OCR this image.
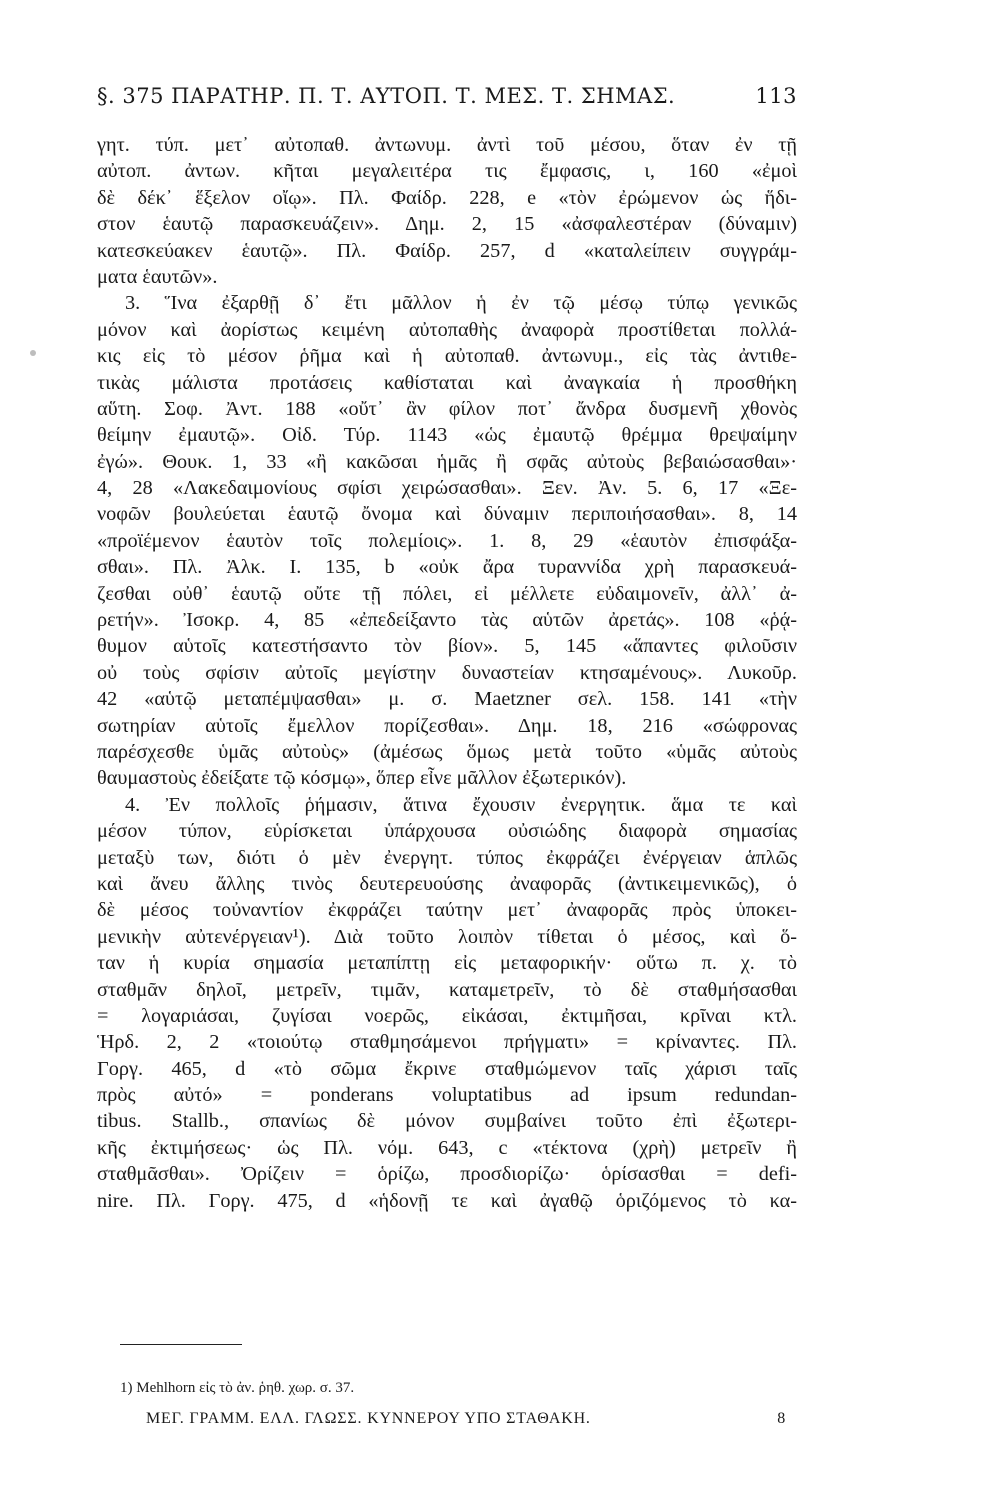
§. 375 ΠΑΡΑΤΗΡ. Π. Τ. ΑΥΤΟΠ. Τ. ΜΕΣ. Τ. ΣΗΜΑΣ.	113
γητ. τύπ. μετ᾽ αὐτοπαθ. ἀντωνυμ. ἀντὶ τοῦ μέσου, ὅταν ἐν τῇ
αὐτοπ. ἀντων. κῆται μεγαλειτέρα τις ἔμφασις, ι, 160 «ἐμοὶ
δὲ δέκ᾽ ἕξελον οἴῳ». Πλ. Φαίδρ. 228, e «τὸν ἐρώμενον ὡς ἥδι-
στον ἑαυτῷ παρασκευάζειν». Δημ. 2, 15 «ἀσφαλεστέραν (δύναμιν)
κατεσκεύακεν ἑαυτῷ». Πλ. Φαίδρ. 257, d «καταλείπειν συγγράμ-
ματα ἑαυτῶν».
3. Ἵνα ἐξαρθῇ δ᾽ ἔτι μᾶλλον ἡ ἐν τῷ μέσῳ τύπῳ γενικῶς
μόνον καὶ ἀορίστως κειμένη αὐτοπαθὴς ἀναφορὰ προστίθεται πολλά-
κις εἰς τὸ μέσον ῥῆμα καὶ ἡ αὐτοπαθ. ἀντωνυμ., εἰς τὰς ἀντιθε-
τικὰς μάλιστα προτάσεις καθίσταται καὶ ἀναγκαία ἡ προσθήκη
αὕτη. Σοφ. Ἀντ. 188 «οὔτ᾽ ἂν φίλον ποτ᾽ ἄνδρα δυσμενῆ χθονὸς
θείμην ἐμαυτῷ». Οἰδ. Τύρ. 1143 «ὡς ἐμαυτῷ θρέμμα θρεψαίμην
ἐγώ». Θουκ. 1, 33 «ἢ κακῶσαι ἡμᾶς ἢ σφᾶς αὐτοὺς βεβαιώσασθαι»·
4, 28 «Λακεδαιμονίους σφίσι χειρώσασθαι». Ξεν. Ἀν. 5. 6, 17 «Ξε-
νοφῶν βουλεύεται ἑαυτῷ ὄνομα καὶ δύναμιν περιποιήσασθαι». 8, 14
«προϊέμενον ἑαυτὸν τοῖς πολεμίοις». 1. 8, 29 «ἑαυτὸν ἐπισφάξα-
σθαι». Πλ. Ἀλκ. I. 135, b «οὐκ ἄρα τυραννίδα χρὴ παρασκευά-
ζεσθαι οὐθ᾽ ἑαυτῷ οὔτε τῇ πόλει, εἰ μέλλετε εὐδαιμονεῖν, ἀλλ᾽ ἀ-
ρετήν». Ἰσοκρ. 4, 85 «ἐπεδείξαντο τὰς αὑτῶν ἀρετάς». 108 «ῥᾴ-
θυμον αὑτοῖς κατεστήσαντο τὸν βίον». 5, 145 «ἅπαντες φιλοῦσιν
οὐ τοὺς σφίσιν αὐτοῖς μεγίστην δυναστείαν κτησαμένους». Λυκοῦρ.
42 «αὑτῷ μεταπέμψασθαι» μ. σ. Maetzner σελ. 158. 141 «τὴν
σωτηρίαν αὑτοῖς ἔμελλον πορίζεσθαι». Δημ. 18, 216 «σώφρονας
παρέσχεσθε ὑμᾶς αὐτοὺς» (ἀμέσως ὅμως μετὰ τοῦτο «ὑμᾶς αὐτοὺς
θαυμαστοὺς ἐδείξατε τῷ κόσμῳ», ὅπερ εἶνε μᾶλλον ἐξωτερικόν).
4. Ἐν πολλοῖς ῥήμασιν, ἅτινα ἔχουσιν ἐνεργητικ. ἅμα τε καὶ
μέσον τύπον, εὑρίσκεται ὑπάρχουσα οὐσιώδης διαφορὰ σημασίας
μεταξὺ των, διότι ὁ μὲν ἐνεργητ. τύπος ἐκφράζει ἐνέργειαν ἁπλῶς
καὶ ἄνευ ἄλλης τινὸς δευτερευούσης ἀναφορᾶς (ἀντικειμενικῶς), ὁ
δὲ μέσος τοὐναντίον ἐκφράζει ταύτην μετ᾽ ἀναφορᾶς πρὸς ὑποκει-
μενικὴν αὐτενέργειαν¹). Διὰ τοῦτο λοιπὸν τίθεται ὁ μέσος, καὶ ὅ-
ταν ἡ κυρία σημασία μεταπίπτῃ εἰς μεταφορικήν· οὕτω π. χ. τὸ
σταθμᾶν δηλοῖ, μετρεῖν, τιμᾶν, καταμετρεῖν, τὸ δὲ σταθμήσασθαι
= λογαριάσαι, ζυγίσαι νοερῶς, εἰκάσαι, ἐκτιμῆσαι, κρῖναι κτλ.
Ἡρδ. 2, 2 «τοιούτῳ σταθμησάμενοι πρήγματι» = κρίναντες. Πλ.
Γοργ. 465, d «τὸ σῶμα ἔκρινε σταθμώμενον ταῖς χάρισι ταῖς
πρὸς αὐτό» = ponderans voluptatibus ad ipsum redundan-
tibus. Stallb., σπανίως δὲ μόνον συμβαίνει τοῦτο ἐπὶ ἐξωτερι-
κῆς ἐκτιμήσεως· ὡς Πλ. νόμ. 643, c «τέκτονα (χρὴ) μετρεῖν ἢ
σταθμᾶσθαι». Ὀρίζειν = ὁρίζω, προσδιορίζω· ὁρίσασθαι = defi-
nire. Πλ. Γοργ. 475, d «ἡδονῇ τε καὶ ἀγαθῷ ὁριζόμενος τὸ κα-
1) Mehlhorn εἰς τὸ ἀν. ῥηθ. χωρ. σ. 37.
ΜΕΓ. ΓΡΑΜΜ. ΕΛΛ. ΓΛΩΣΣ. ΚΥΝΝΕΡΟΥ ΥΠΟ ΣΤΑΘΑΚΗ.	8
